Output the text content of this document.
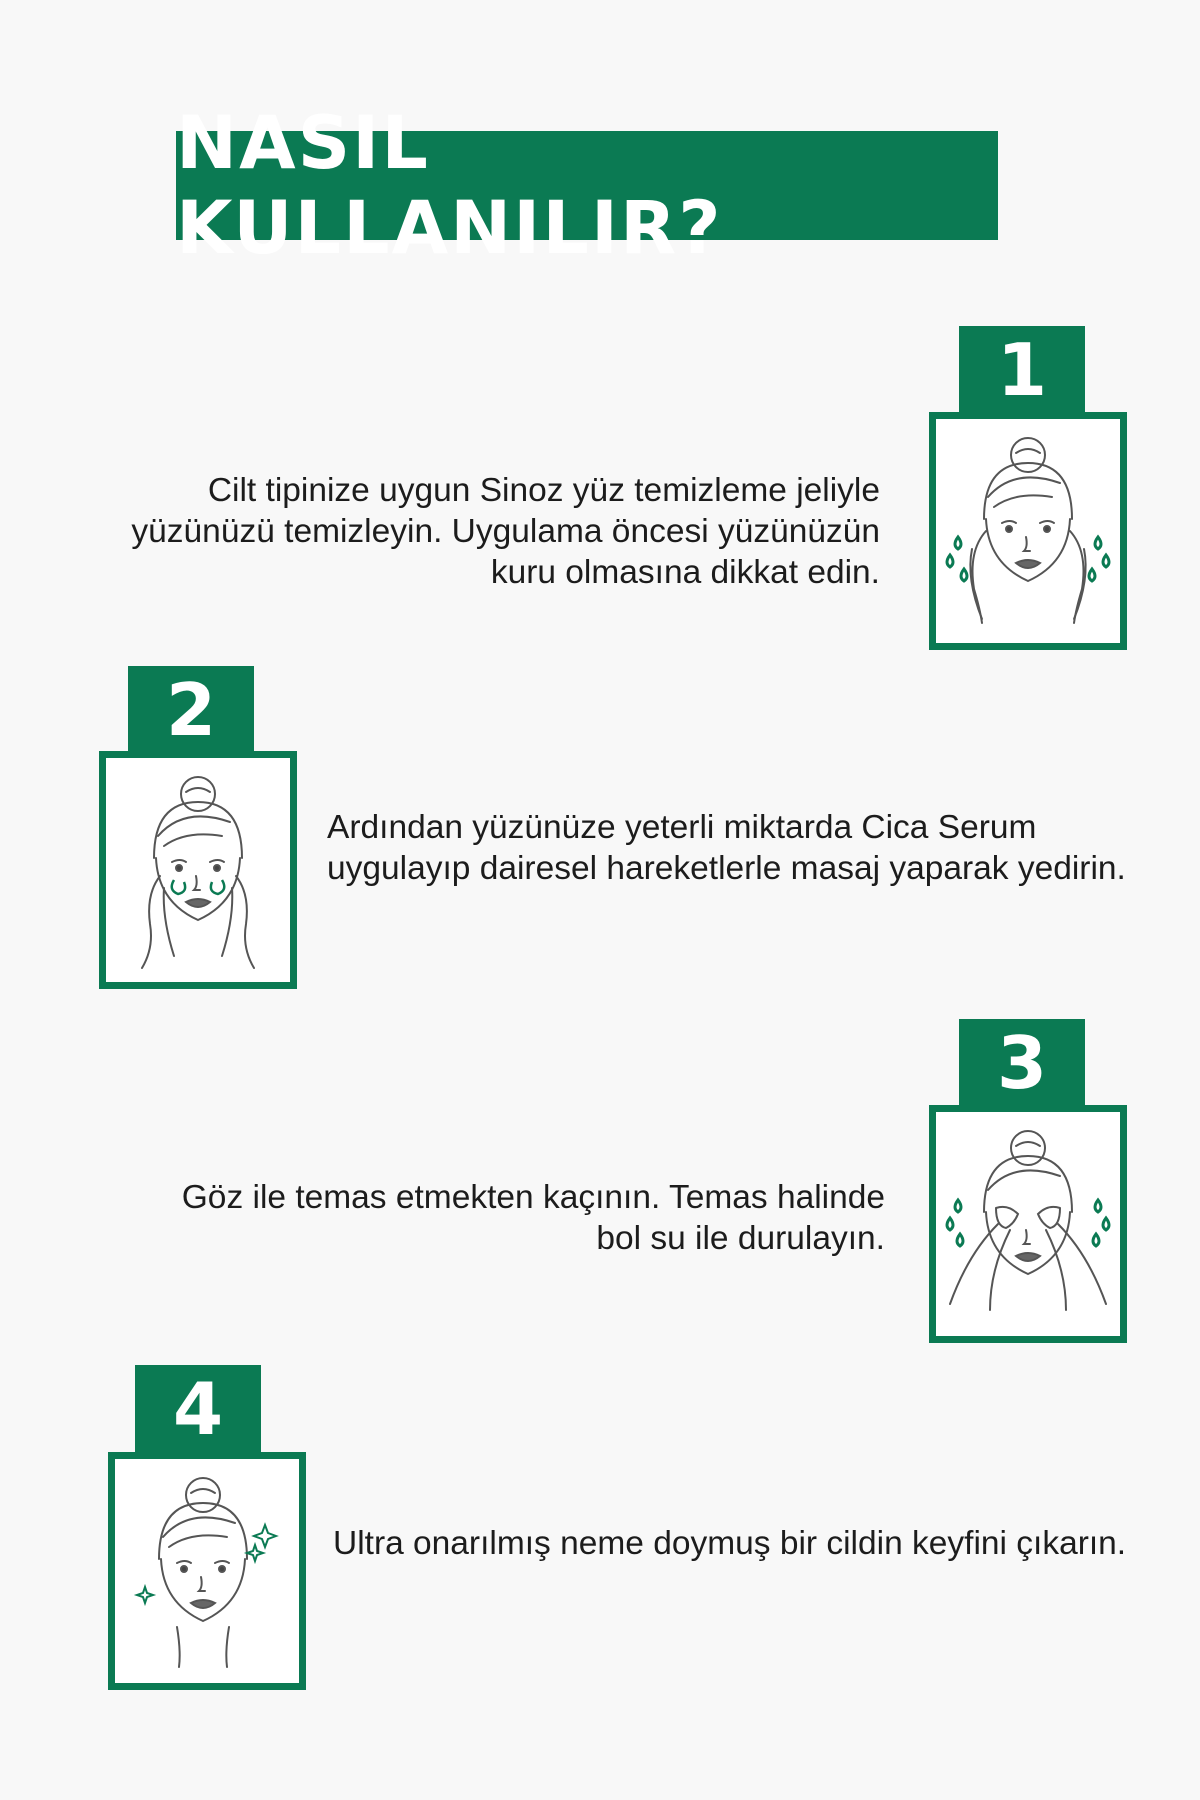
NASIL KULLANILIR?
1
Cilt tipinize uygun Sinoz yüz temizleme jeliyle yüzünüzü temizleyin. Uygulama öncesi yüzünüzün kuru olmasına dikkat edin.
2
Ardından yüzünüze yeterli miktarda Cica Serum uygulayıp dairesel hareketlerle masaj yaparak yedirin.
3
Göz ile temas etmekten kaçının. Temas halinde bol su ile durulayın.
4
Ultra onarılmış neme doymuş bir cildin keyfini çıkarın.
